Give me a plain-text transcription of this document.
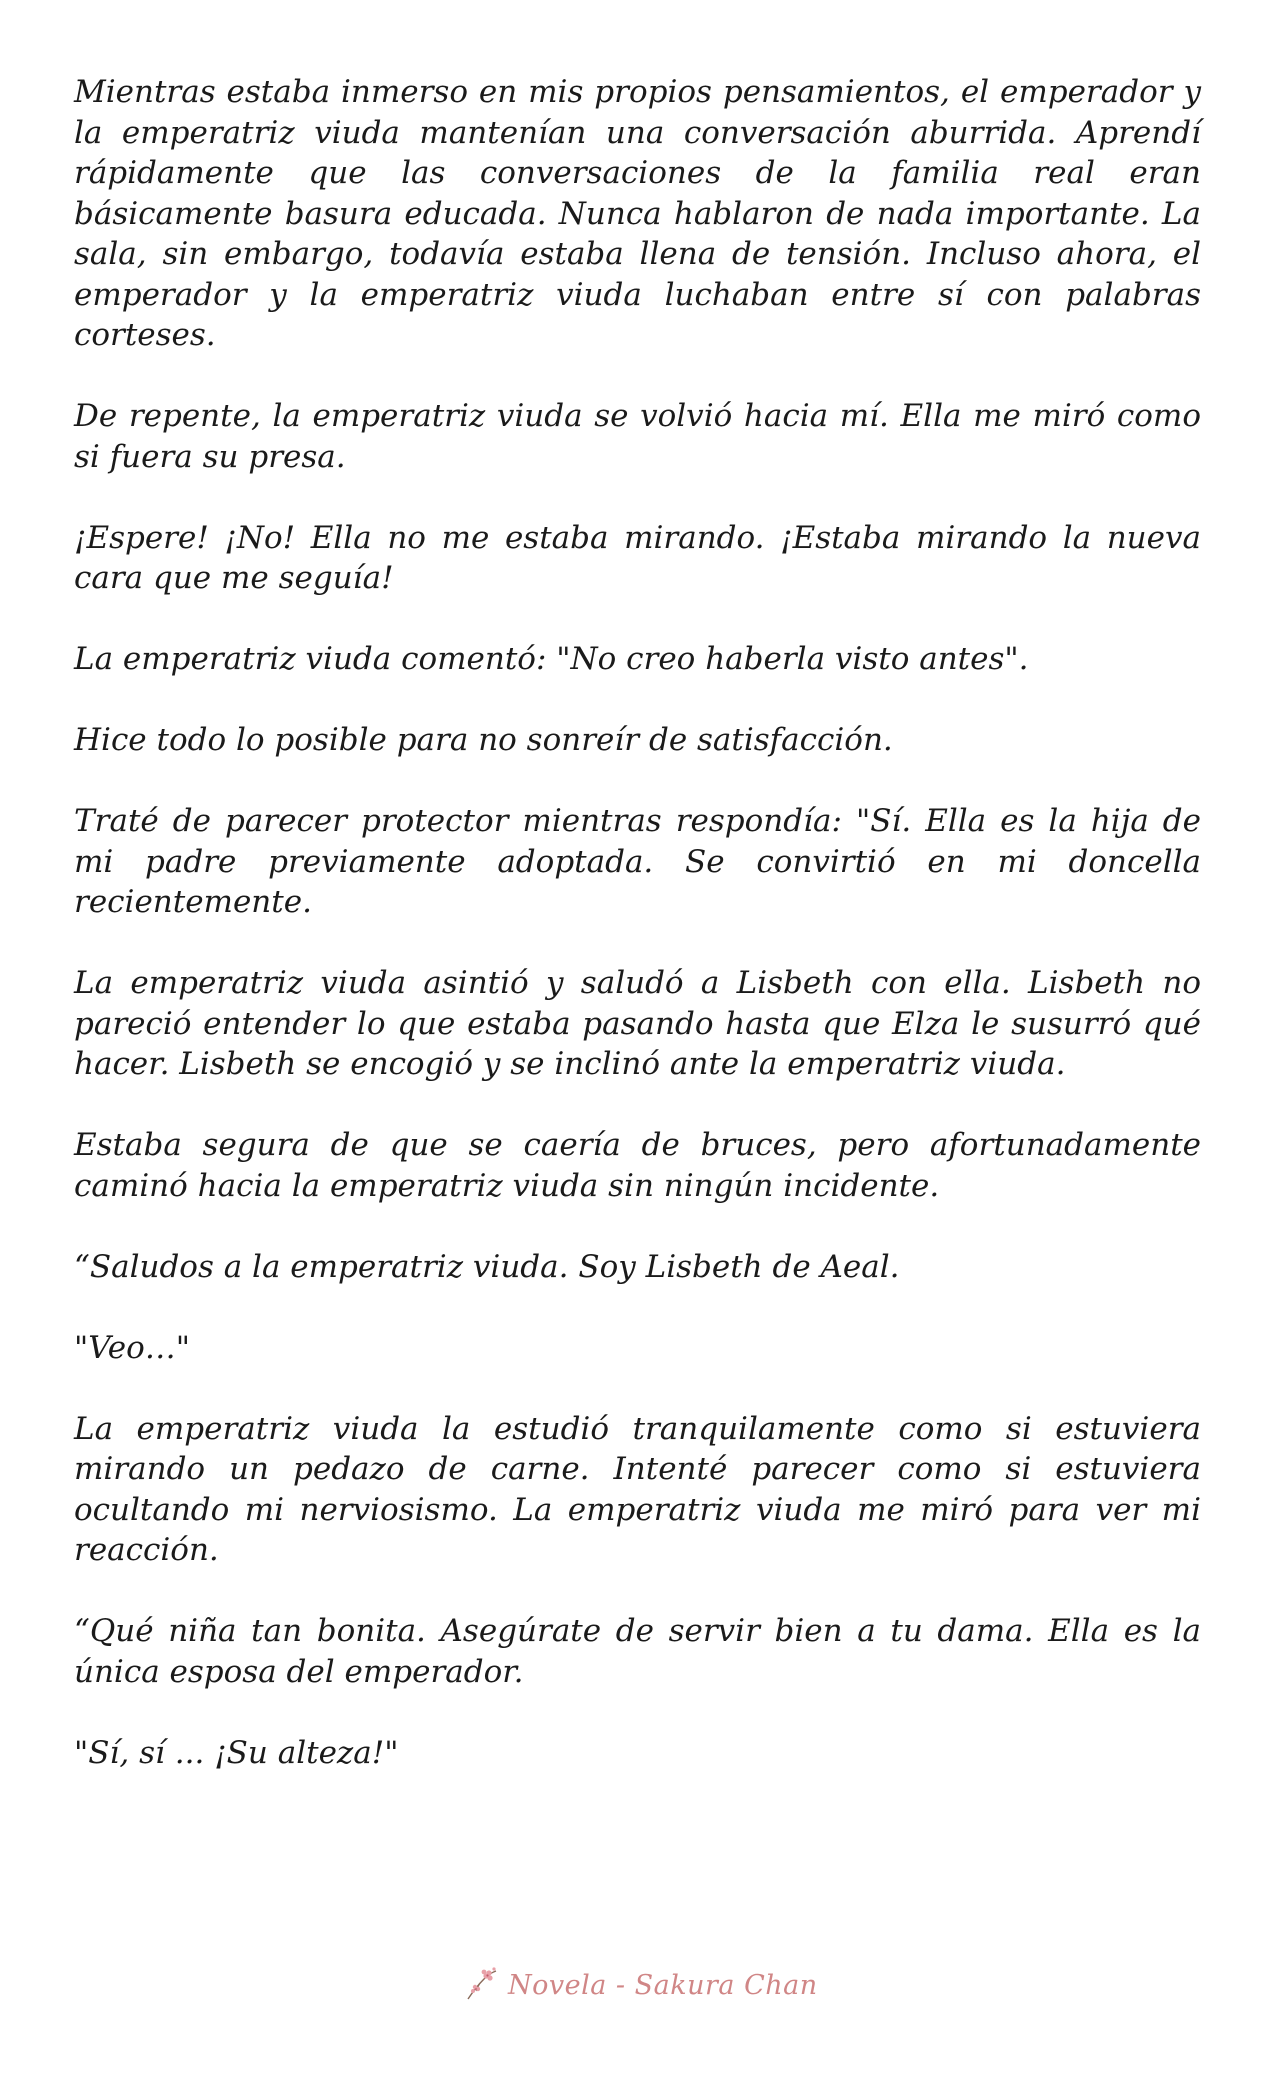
Mientras estaba inmerso en mis propios pensamientos, el emperador y la emperatriz viuda mantenían una conversación aburrida. Aprendí rápidamente que las conversaciones de la familia real eran básicamente basura educada. Nunca hablaron de nada importante. La sala, sin embargo, todavía estaba llena de tensión. Incluso ahora, el emperador y la emperatriz viuda luchaban entre sí con palabras corteses.

De repente, la emperatriz viuda se volvió hacia mí. Ella me miró como si fuera su presa.

¡Espere! ¡No! Ella no me estaba mirando. ¡Estaba mirando la nueva cara que me seguía!

La emperatriz viuda comentó: "No creo haberla visto antes".

Hice todo lo posible para no sonreír de satisfacción.

Traté de parecer protector mientras respondía: "Sí. Ella es la hija de mi padre previamente adoptada. Se convirtió en mi doncella recientemente.

La emperatriz viuda asintió y saludó a Lisbeth con ella. Lisbeth no pareció entender lo que estaba pasando hasta que Elza le susurró qué hacer. Lisbeth se encogió y se inclinó ante la emperatriz viuda.

Estaba segura de que se caería de bruces, pero afortunadamente caminó hacia la emperatriz viuda sin ningún incidente.

“Saludos a la emperatriz viuda. Soy Lisbeth de Aeal.

"Veo…"

La emperatriz viuda la estudió tranquilamente como si estuviera mirando un pedazo de carne. Intenté parecer como si estuviera ocultando mi nerviosismo. La emperatriz viuda me miró para ver mi reacción.

“Qué niña tan bonita. Asegúrate de servir bien a tu dama. Ella es la única esposa del emperador.

"Sí, sí ... ¡Su alteza!"

Novela - Sakura Chan
